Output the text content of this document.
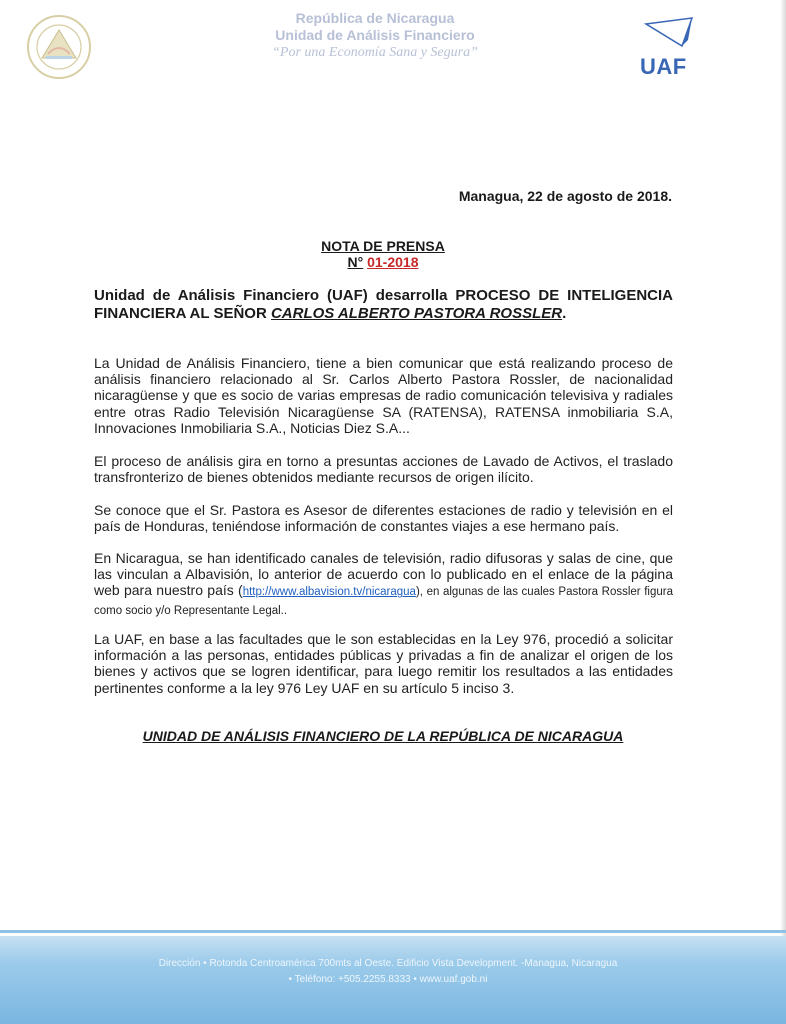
República de Nicaragua
Unidad de Análisis Financiero
“Por una Economía Sana y Segura”
UAF
Managua, 22 de agosto de 2018.
NOTA DE PRENSA
N° 01-2018
Unidad de Análisis Financiero (UAF) desarrolla PROCESO DE INTELIGENCIA FINANCIERA AL SEÑOR CARLOS ALBERTO PASTORA ROSSLER.
La Unidad de Análisis Financiero, tiene a bien comunicar que está realizando proceso de análisis financiero relacionado al Sr. Carlos Alberto Pastora Rossler, de nacionalidad nicaragüense y que es socio de varias empresas de radio comunicación televisiva y radiales entre otras Radio Televisión Nicaragüense SA (RATENSA), RATENSA inmobiliaria S.A, Innovaciones Inmobiliaria S.A., Noticias Diez S.A...
El proceso de análisis gira en torno a presuntas acciones de Lavado de Activos, el traslado transfronterizo de bienes obtenidos mediante recursos de origen ilícito.
Se conoce que el Sr. Pastora es Asesor de diferentes estaciones de radio y televisión en el país de Honduras, teniéndose información de constantes viajes a ese hermano país.
En Nicaragua, se han identificado canales de televisión, radio difusoras y salas de cine, que las vinculan a Albavisión, lo anterior de acuerdo con lo publicado en el enlace de la página web para nuestro país (http://www.albavision.tv/nicaragua), en algunas de las cuales Pastora Rossler figura como socio y/o Representante Legal..
La UAF, en base a las facultades que le son establecidas en la Ley 976, procedió a solicitar información a las personas, entidades públicas y privadas a fin de analizar el origen de los bienes y activos que se logren identificar, para luego remitir los resultados a las entidades pertinentes conforme a la ley 976 Ley UAF en su artículo 5 inciso 3.
UNIDAD DE ANÁLISIS FINANCIERO DE LA REPÚBLICA DE NICARAGUA
Dirección • Rotonda Centroamérica 700mts al Oeste. Edificio Vista Development. -Managua, Nicaragua
• Teléfono: +505.2255.8333 • www.uaf.gob.ni
